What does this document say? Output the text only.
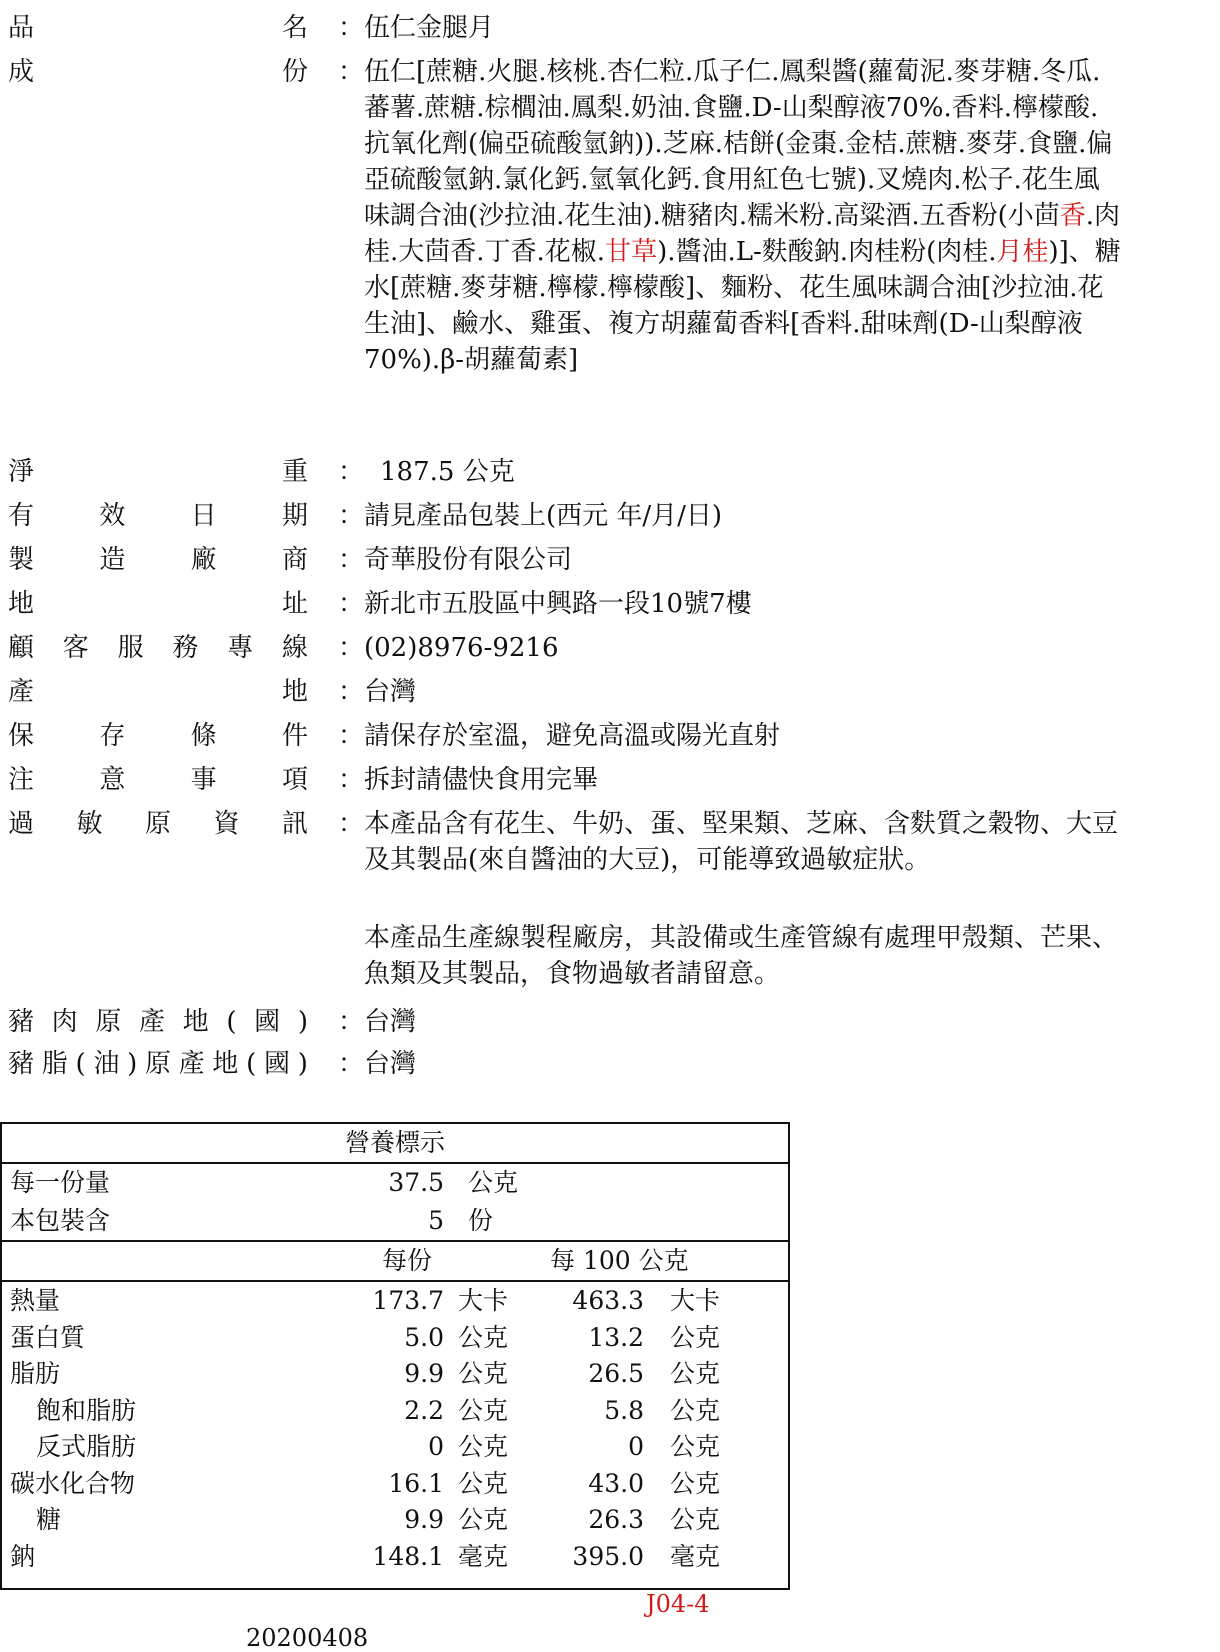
品	名 ： 伍仁金腿月
成	份 ： 伍仁[蔗糖.火腿.核桃.杏仁粒.瓜子仁.鳳梨醬(蘿蔔泥.麥芽糖.冬瓜.蕃薯.蔗糖.棕櫚油.鳳梨.奶油.食鹽.D-山梨醇液70%.香料.檸檬酸.抗氧化劑(偏亞硫酸氫鈉)).芝麻.桔餅(金棗.金桔.蔗糖.麥芽.食鹽.偏亞硫酸氫鈉.氯化鈣.氫氧化鈣.食用紅色七號).叉燒肉.松子.花生風味調合油(沙拉油.花生油).糖豬肉.糯米粉.高粱酒.五香粉(小茴香.肉桂.大茴香.丁香.花椒.甘草).醬油.L-麩酸鈉.肉桂粉(肉桂.月桂)]、糖水[蔗糖.麥芽糖.檸檬.檸檬酸]、麵粉、花生風味調合油[沙拉油.花生油]、鹼水、雞蛋、複方胡蘿蔔香料[香料.甜味劑(D-山梨醇液70%).β-胡蘿蔔素]
淨	重 ： 187.5 公克
有	效	日	期 ： 請見產品包裝上(西元 年/月/日)
製	造	廠	商 ： 奇華股份有限公司
地	址 ： 新北市五股區中興路一段10號7樓
顧 客 服 務 專 線 ： (02)8976-9216
產	地 ： 台灣
保	存	條	件 ： 請保存於室溫，避免高溫或陽光直射
注	意	事	項 ： 拆封請儘快食用完畢
過 敏 原 資 訊 ： 本產品含有花生、牛奶、蛋、堅果類、芝麻、含麩質之穀物、大豆及其製品(來自醬油的大豆)，可能導致過敏症狀。
本產品生產線製程廠房，其設備或生產管線有處理甲殼類、芒果、魚類及其製品，食物過敏者請留意。
豬 肉 原 產 地 ( 國 ) ： 台灣
豬 脂 ( 油 ) 原 產 地 ( 國 ) ： 台灣
營養標示
每一份量	37.5 公克
本包裝含	5 份
每份	每 100 公克
熱量	173.7 大卡	463.3 大卡
蛋白質	5.0 公克	13.2 公克
脂肪	9.9 公克	26.5 公克
飽和脂肪	2.2 公克	5.8 公克
反式脂肪	0 公克	0 公克
碳水化合物	16.1 公克	43.0 公克
糖	9.9 公克	26.3 公克
鈉	148.1 毫克	395.0 毫克
J04-4
20200408
